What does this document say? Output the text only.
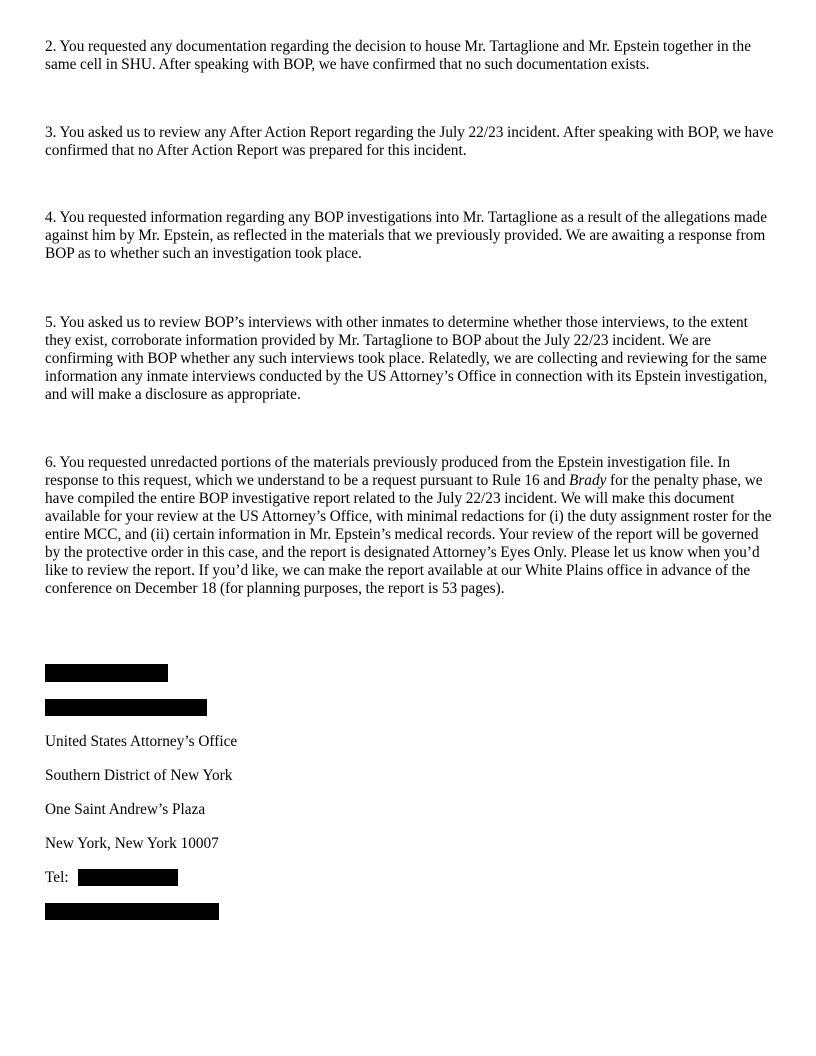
2. You requested any documentation regarding the decision to house Mr. Tartaglione and Mr. Epstein together in the same cell in SHU. After speaking with BOP, we have confirmed that no such documentation exists.

3. You asked us to review any After Action Report regarding the July 22/23 incident. After speaking with BOP, we have confirmed that no After Action Report was prepared for this incident.

4. You requested information regarding any BOP investigations into Mr. Tartaglione as a result of the allegations made against him by Mr. Epstein, as reflected in the materials that we previously provided. We are awaiting a response from BOP as to whether such an investigation took place.

5. You asked us to review BOP’s interviews with other inmates to determine whether those interviews, to the extent they exist, corroborate information provided by Mr. Tartaglione to BOP about the July 22/23 incident. We are confirming with BOP whether any such interviews took place. Relatedly, we are collecting and reviewing for the same information any inmate interviews conducted by the US Attorney’s Office in connection with its Epstein investigation, and will make a disclosure as appropriate.

6. You requested unredacted portions of the materials previously produced from the Epstein investigation file. In response to this request, which we understand to be a request pursuant to Rule 16 and Brady for the penalty phase, we have compiled the entire BOP investigative report related to the July 22/23 incident. We will make this document available for your review at the US Attorney’s Office, with minimal redactions for (i) the duty assignment roster for the entire MCC, and (ii) certain information in Mr. Epstein’s medical records. Your review of the report will be governed by the protective order in this case, and the report is designated Attorney’s Eyes Only. Please let us know when you’d like to review the report. If you’d like, we can make the report available at our White Plains office in advance of the conference on December 18 (for planning purposes, the report is 53 pages).

United States Attorney’s Office

Southern District of New York

One Saint Andrew’s Plaza

New York, New York 10007

Tel:
